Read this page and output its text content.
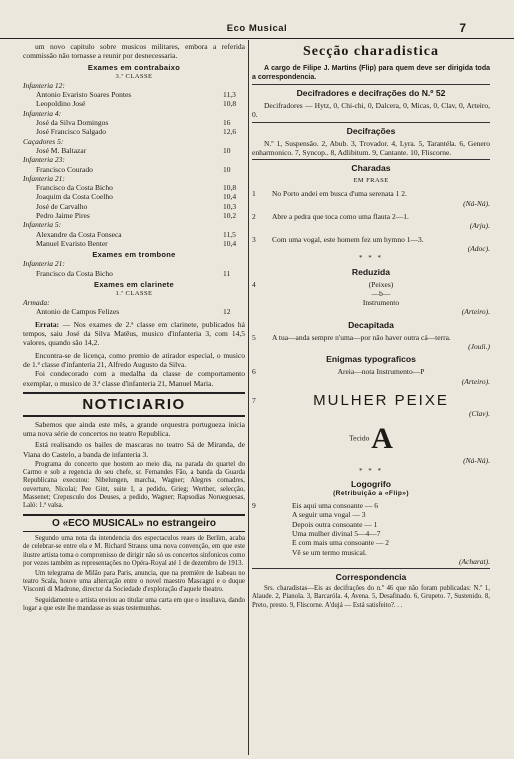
Eco Musical	7

um novo capitulo sobre musicos militares, embora a referida commissão não tornasse a reunir por desnecessaria.

Exames em contrabaixo
3.ª CLASSE
Infanteria 12:
Antonio Evaristo Soares Pontes	11,3
Leopoldino José	10,8
Infanteria 4:
José da Silva Domingos	16
José Francisco Salgado	12,6
Caçadores 5:
José M. Baltazar	10
Infanteria 23:
Francisco Courado	10
Infanteria 21:
Francisco da Costa Bicho	10,8
Joaquim da Costa Coelho	10,4
José de Carvalho	10,3
Pedro Jaime Pires	10,2
Infanteria 5:
Alexandre da Costa Fonseca	11,5
Manuel Evaristo Benter	10,4
Exames em trombone
Infanteria 21:
Francisco da Costa Bicho	11
Exames em clarinete
1.ª CLASSE
Armada:
Antonio de Campos Felizes	12

Errata: — Nos exames de 2.ª classe em clarinete, publicados há tempos, saiu José da Silva Matêus, musico d'infanteria 3, com 14,5 valores, quando são 14,2.

Encontra-se de licença, como premio de atirador especial, o musico de 1.ª classe d'infanteria 21, Alfredo Augusto da Silva.

Foi condecorado com a medalha da classe de comportamento exemplar, o musico de 3.ª classe d'infanteria 21, Manuel Maria.

NOTICIARIO

Sabemos que ainda este mês, a grande orquestra portugueza inicia uma nova série de concertos no teatro Republica.

Está realisando os bailes de mascaras no teatro Sá de Miranda, de Viana do Castelo, a banda de infanteria 3.

Programa do concerto que hostem ao meio dia, na parada do quartel do Carmo e sob a regencia do seu chefe, sr. Fernandes Fão, a banda da Guarda Republicana executou: Nibelungen, marcha, Wagner; Alegres comadres, ouverture, Nicolai; Pee Gint, suite I, a pedido, Grieg; Werther, selecção, Massenet; Crepusculo dos Deuses, a pedido, Wagner; Rapsodias Norueguesas, Laló: 1.ª valsa.

O «ECO MUSICAL» no estrangeiro

Segundo uma nota da intendencia dos espectaculos reaes de Berlim, acaba de celebrar-se entre ela e M. Richard Strauss uma nova convenção, em que este ilustre artista toma o compromisso de dirigir não só os concertos sinfonicos como por vezes também as representações no Opéra-Royal até 1 de dezembro de 1913.

Um telegrama de Milão para Paris, anuncia, que na première de Isabeau no teatro Scala, houve uma altercação entre o novel maestro Mascagni e o duque Visconti di Madrone, director da Sociedade d'exploração d'aquele theatro.

Seguidamente o artista enviou ao titular uma carta em que o insultava, dando logar a que este lhe mandasse as suas testemunhas.

Secção charadistica

A cargo de Filipe J. Martins (Flip) para quem deve ser dirigida toda a correspondencia.

Decifradores e decifrações do N.º 52

Decifradores — Hytz, 0, Chi-chi, 0, Dalcera, 0, Micas, 0, Clav, 0, Arteiro, 0.

Decifrações

N.º 1, Suspensão. 2, Abub. 3, Trovador. 4, Lyra. 5, Tarantéla. 6, Genero enharmonico. 7, Syncop.. 8, Adlibitum. 9, Cantante. 10, Fliscorne.

Charadas
EM FRASE
1	No Porto andei em busca d'uma serenata 1 2.
(Ná-Ná).
2	Abre a pedra que toca como uma flauta 2—1.
(Arju).
3	Com uma vogal, este homem fez um hymno 1—3.
(Adoc).
* * *
Reduzida
4	(Peixes)
—b—
Instrumento
(Arteiro).
Decapitada
5	A tua—anda sempre n'uma—por não haver outra cá—terra.
(Jouli.)
Enigmas typograficos
6	Areia—nota Instrumento—P
(Arteiro).
7	MULHER PEIXE
(Clav).
Tecido A
(Ná-Ná).
* * *
Logogrifo
(Retribuição a «Flip»)
9	Eis aqui uma consoante — 6
A seguir uma vogal — 3
Depois outra consoante — 1
Uma mulher divinal 5—4—7
E com mais uma consoante — 2
Vê se um termo musical.
(Acharat).
Correspondencia

Srs. charadistas—Eis as decifrações do n.º 46 que não foram publicadas: N.º 1, Alaude. 2, Pianola. 3, Barcaróla. 4, Avena. 5, Desafinado. 6, Grupeto. 7, Sustenido. 8, Preto, presto. 9, Fliscorne. A'dujá — Está satisfeito?. . .
